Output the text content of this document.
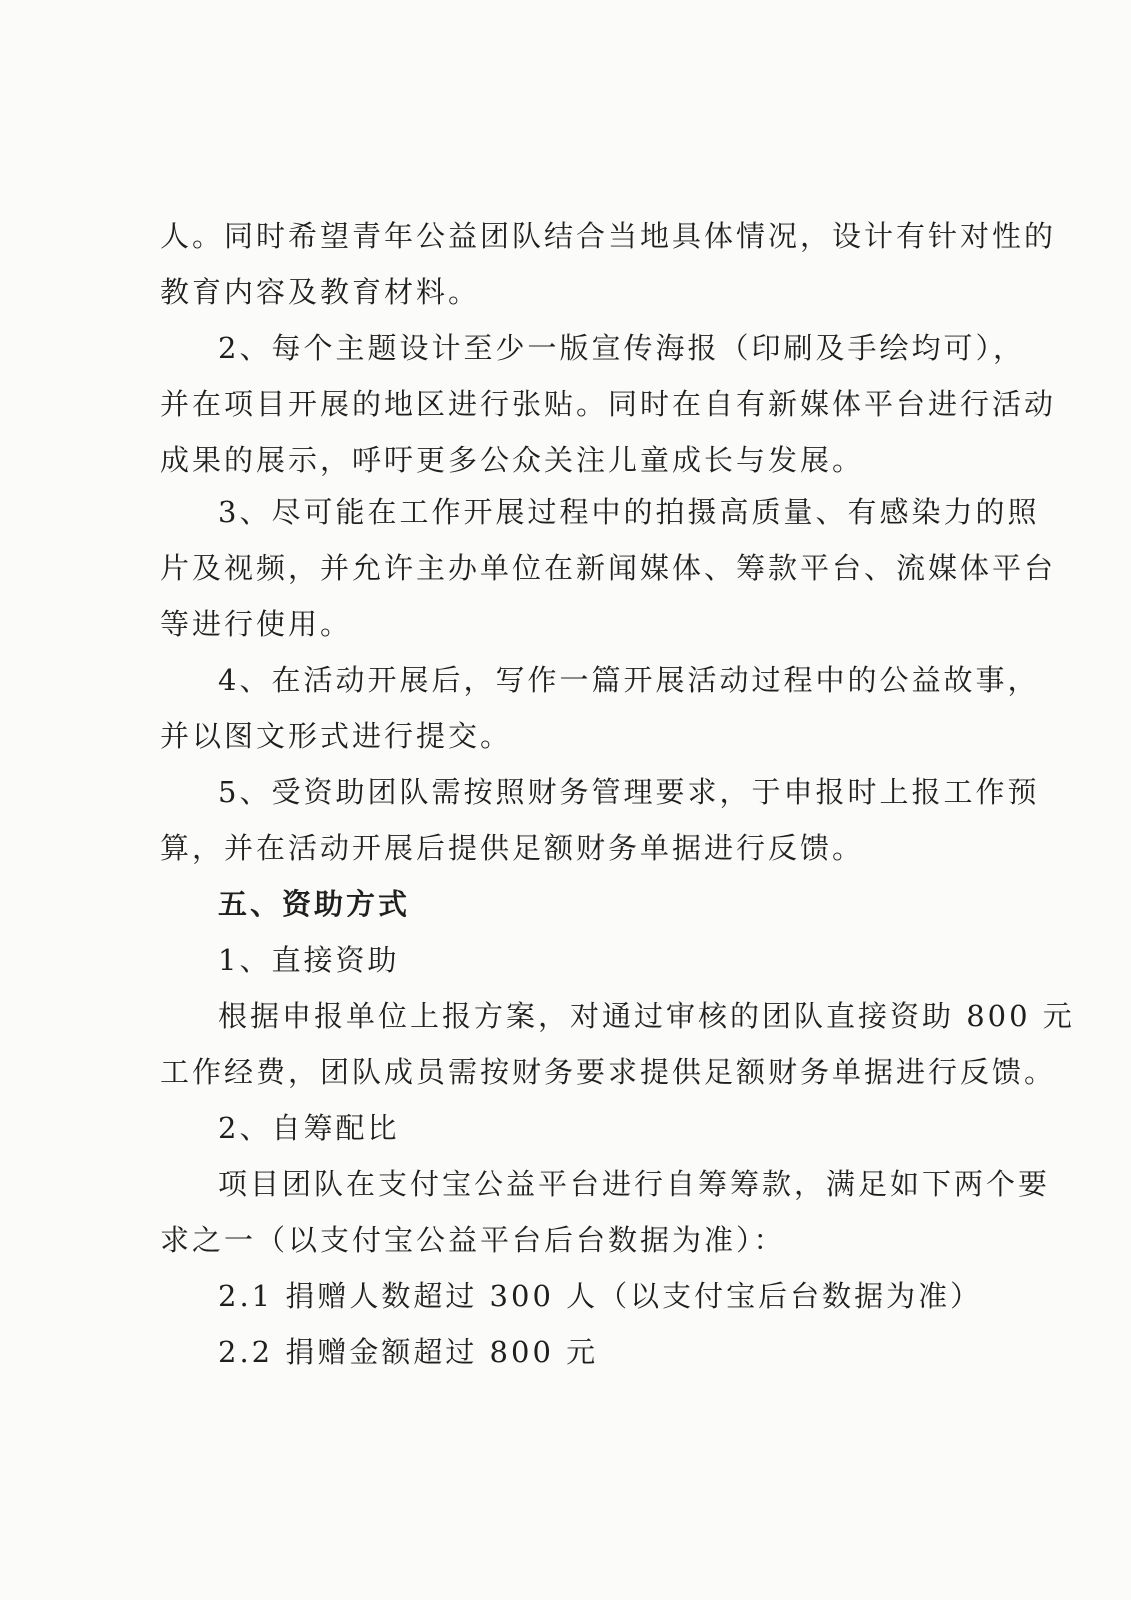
人。同时希望青年公益团队结合当地具体情况，设计有针对性的
教育内容及教育材料。
2、每个主题设计至少一版宣传海报（印刷及手绘均可），
并在项目开展的地区进行张贴。同时在自有新媒体平台进行活动
成果的展示，呼吁更多公众关注儿童成长与发展。
3、尽可能在工作开展过程中的拍摄高质量、有感染力的照
片及视频，并允许主办单位在新闻媒体、筹款平台、流媒体平台
等进行使用。
4、在活动开展后，写作一篇开展活动过程中的公益故事，
并以图文形式进行提交。
5、受资助团队需按照财务管理要求，于申报时上报工作预
算，并在活动开展后提供足额财务单据进行反馈。
五、资助方式
1、直接资助
根据申报单位上报方案，对通过审核的团队直接资助 800 元
工作经费，团队成员需按财务要求提供足额财务单据进行反馈。
2、自筹配比
项目团队在支付宝公益平台进行自筹筹款，满足如下两个要
求之一（以支付宝公益平台后台数据为准）：
2.1 捐赠人数超过 300 人（以支付宝后台数据为准）
2.2 捐赠金额超过 800 元
